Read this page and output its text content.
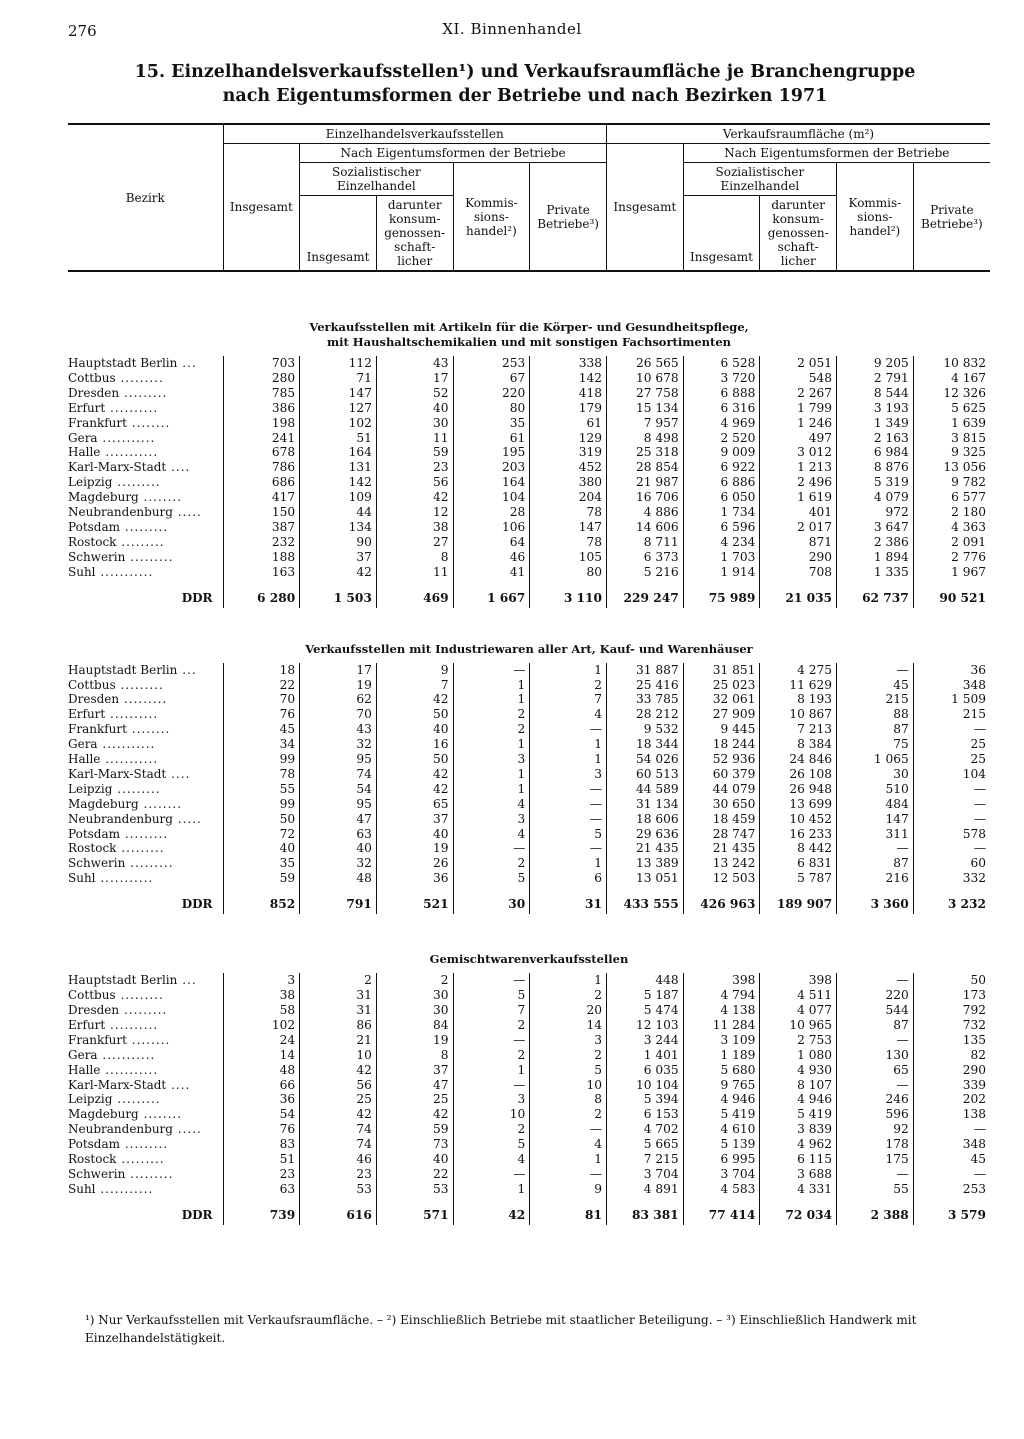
276	XI. Binnenhandel
15. Einzelhandelsverkaufsstellen¹) und Verkaufsraumfläche je Branchengruppe
nach Eigentumsformen der Betriebe und nach Bezirken 1971
Bezirk	Einzelhandelsverkaufsstellen					Verkaufsraumfläche (m²)				
	Insgesamt	Nach Eigentumsformen der Betriebe				Insgesamt	Nach Eigentumsformen der Betriebe			
		Sozialistischer Einzelhandel		Kommis-sions-handel²)	Private Betriebe³)		Sozialistischer Einzelhandel		Kommis-sions-handel²)	Private Betriebe³)
		Insgesamt	darunter konsum-genossen-schaft-licher				Insgesamt	darunter konsum-genossen-schaft-licher		

Verkaufsstellen mit Artikeln für die Körper- und Gesundheitspflege,
mit Haushaltschemikalien und mit sonstigen Fachsortimenten										

Hauptstadt Berlin ...	703	112	43	253	338	26 565	6 528	2 051	9 205	10 832
Cottbus .........	280	71	17	67	142	10 678	3 720	548	2 791	4 167
Dresden .........	785	147	52	220	418	27 758	6 888	2 267	8 544	12 326
Erfurt ..........	386	127	40	80	179	15 134	6 316	1 799	3 193	5 625
Frankfurt ........	198	102	30	35	61	7 957	4 969	1 246	1 349	1 639
Gera ...........	241	51	11	61	129	8 498	2 520	497	2 163	3 815
Halle ...........	678	164	59	195	319	25 318	9 009	3 012	6 984	9 325
Karl-Marx-Stadt ....	786	131	23	203	452	28 854	6 922	1 213	8 876	13 056
Leipzig .........	686	142	56	164	380	21 987	6 886	2 496	5 319	9 782
Magdeburg ........	417	109	42	104	204	16 706	6 050	1 619	4 079	6 577
Neubrandenburg .....	150	44	12	28	78	4 886	1 734	401	972	2 180
Potsdam .........	387	134	38	106	147	14 606	6 596	2 017	3 647	4 363
Rostock .........	232	90	27	64	78	8 711	4 234	871	2 386	2 091
Schwerin .........	188	37	8	46	105	6 373	1 703	290	1 894	2 776
Suhl ...........	163	42	11	41	80	5 216	1 914	708	1 335	1 967

DDR	6 280	1 503	469	1 667	3 110	229 247	75 989	21 035	62 737	90 521

Verkaufsstellen mit Industriewaren aller Art, Kauf- und Warenhäuser										

Hauptstadt Berlin ...	18	17	9	—	1	31 887	31 851	4 275	—	36
Cottbus .........	22	19	7	1	2	25 416	25 023	11 629	45	348
Dresden .........	70	62	42	1	7	33 785	32 061	8 193	215	1 509
Erfurt ..........	76	70	50	2	4	28 212	27 909	10 867	88	215
Frankfurt ........	45	43	40	2	—	9 532	9 445	7 213	87	—
Gera ...........	34	32	16	1	1	18 344	18 244	8 384	75	25
Halle ...........	99	95	50	3	1	54 026	52 936	24 846	1 065	25
Karl-Marx-Stadt ....	78	74	42	1	3	60 513	60 379	26 108	30	104
Leipzig .........	55	54	42	1	—	44 589	44 079	26 948	510	—
Magdeburg ........	99	95	65	4	—	31 134	30 650	13 699	484	—
Neubrandenburg .....	50	47	37	3	—	18 606	18 459	10 452	147	—
Potsdam .........	72	63	40	4	5	29 636	28 747	16 233	311	578
Rostock .........	40	40	19	—	—	21 435	21 435	8 442	—	—
Schwerin .........	35	32	26	2	1	13 389	13 242	6 831	87	60
Suhl ...........	59	48	36	5	6	13 051	12 503	5 787	216	332

DDR	852	791	521	30	31	433 555	426 963	189 907	3 360	3 232

Gemischtwarenverkaufsstellen										

Hauptstadt Berlin ...	3	2	2	—	1	448	398	398	—	50
Cottbus .........	38	31	30	5	2	5 187	4 794	4 511	220	173
Dresden .........	58	31	30	7	20	5 474	4 138	4 077	544	792
Erfurt ..........	102	86	84	2	14	12 103	11 284	10 965	87	732
Frankfurt ........	24	21	19	—	3	3 244	3 109	2 753	—	135
Gera ...........	14	10	8	2	2	1 401	1 189	1 080	130	82
Halle ...........	48	42	37	1	5	6 035	5 680	4 930	65	290
Karl-Marx-Stadt ....	66	56	47	—	10	10 104	9 765	8 107	—	339
Leipzig .........	36	25	25	3	8	5 394	4 946	4 946	246	202
Magdeburg ........	54	42	42	10	2	6 153	5 419	5 419	596	138
Neubrandenburg .....	76	74	59	2	—	4 702	4 610	3 839	92	—
Potsdam .........	83	74	73	5	4	5 665	5 139	4 962	178	348
Rostock .........	51	46	40	4	1	7 215	6 995	6 115	175	45
Schwerin .........	23	23	22	—	—	3 704	3 704	3 688	—	—
Suhl ...........	63	53	53	1	9	4 891	4 583	4 331	55	253

DDR	739	616	571	42	81	83 381	77 414	72 034	2 388	3 579
¹) Nur Verkaufsstellen mit Verkaufsraumfläche. – ²) Einschließlich Betriebe mit staatlicher Beteiligung. – ³) Einschließlich Handwerk mit Einzelhandelstätigkeit.
